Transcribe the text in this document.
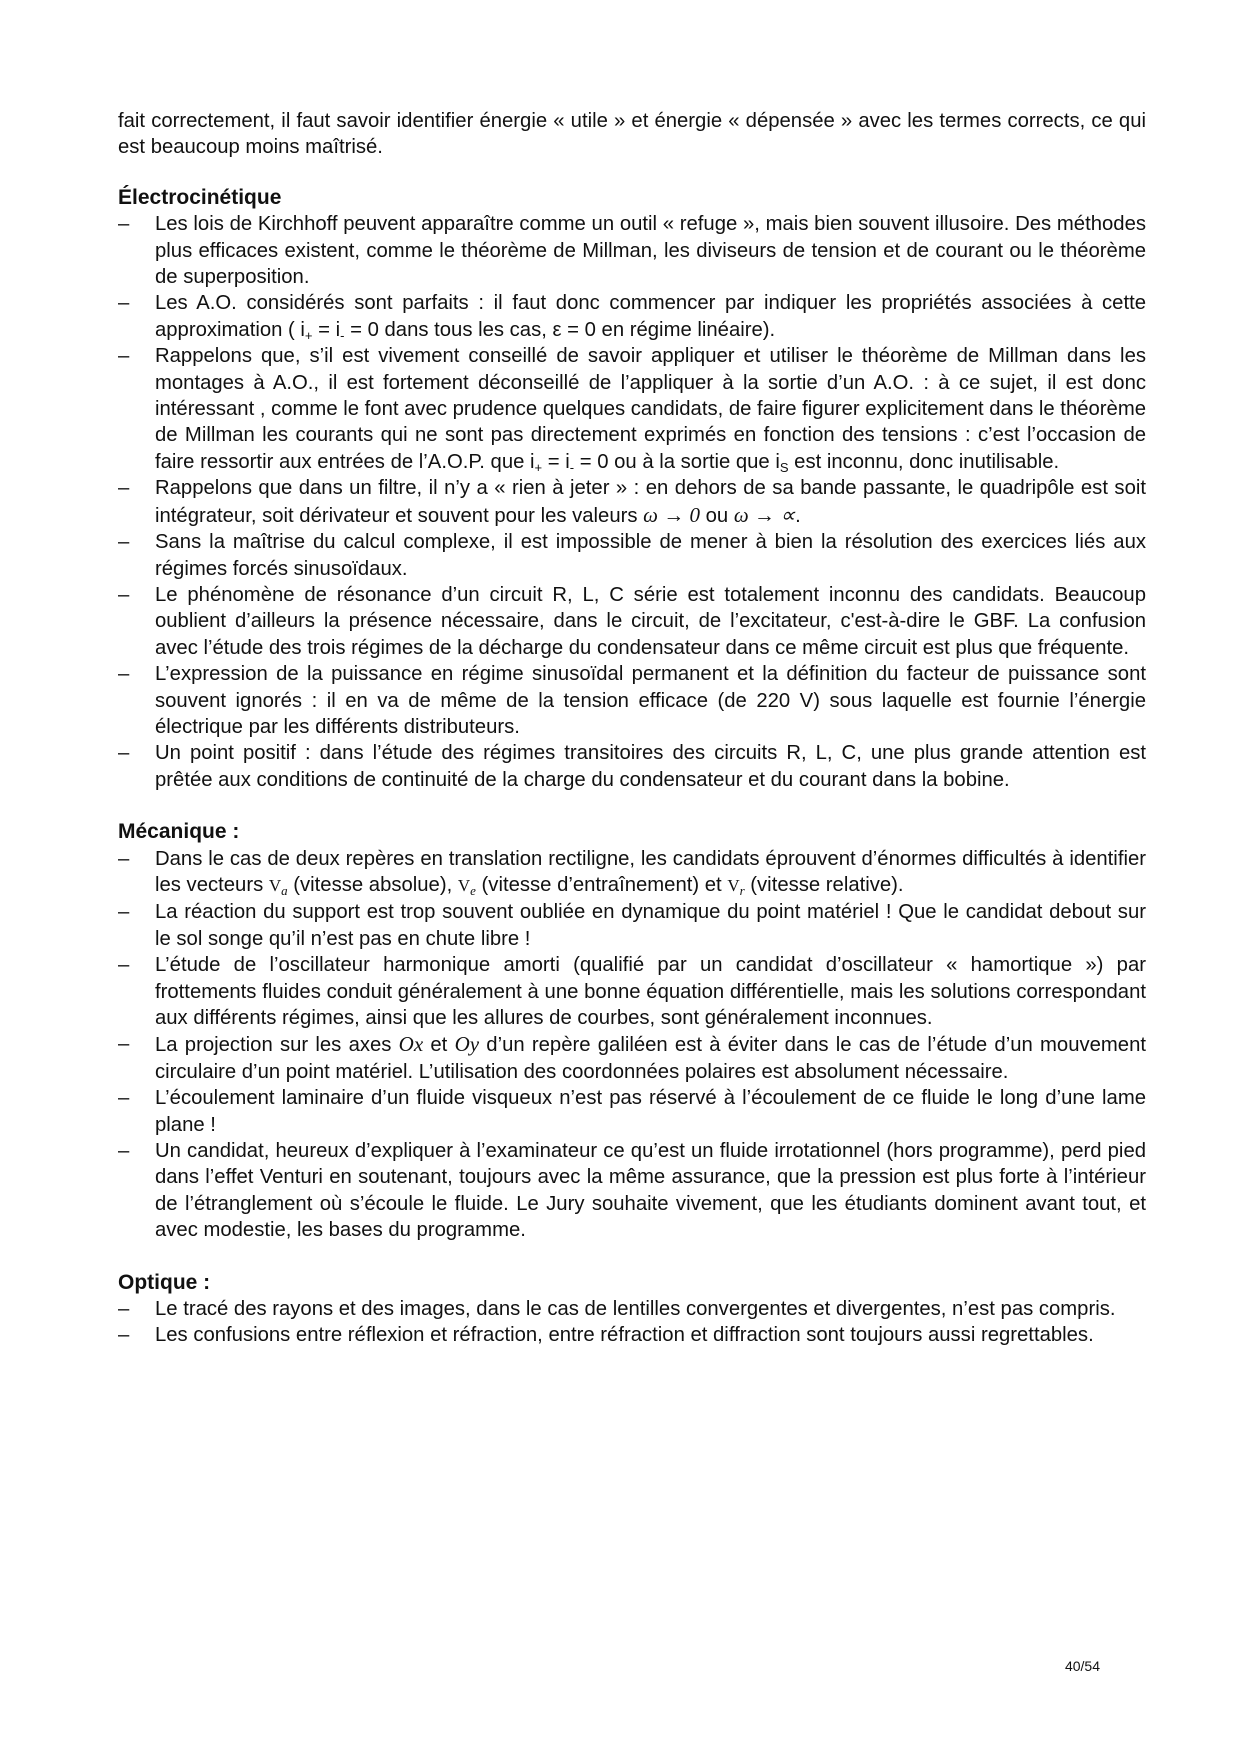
fait correctement, il faut savoir identifier énergie « utile » et énergie « dépensée » avec les termes corrects, ce qui est beaucoup moins maîtrisé.

Électrocinétique
– Les lois de Kirchhoff peuvent apparaître comme un outil « refuge », mais bien souvent illusoire. Des méthodes plus efficaces existent, comme le théorème de Millman, les diviseurs de tension et de courant ou le théorème de superposition.
– Les A.O. considérés sont parfaits : il faut donc commencer par indiquer les propriétés associées à cette approximation ( $i_+ = i_- = 0$ dans tous les cas, ε = 0 en régime linéaire).
– Rappelons que, s’il est vivement conseillé de savoir appliquer et utiliser le théorème de Millman dans les montages à A.O., il est fortement déconseillé de l’appliquer à la sortie d’un A.O. : à ce sujet, il est donc intéressant , comme le font avec prudence quelques candidats, de faire figurer explicitement dans le théorème de Millman les courants qui ne sont pas directement exprimés en fonction des tensions : c’est l’occasion de faire ressortir aux entrées de l’A.O.P. que $i_+ = i_- = 0$ ou à la sortie que $i_S$ est inconnu, donc inutilisable.
– Rappelons que dans un filtre, il n’y a « rien à jeter » : en dehors de sa bande passante, le quadripôle est soit intégrateur, soit dérivateur et souvent pour les valeurs ω → 0 ou ω → ∝.
– Sans la maîtrise du calcul complexe, il est impossible de mener à bien la résolution des exercices liés aux régimes forcés sinusoïdaux.
– Le phénomène de résonance d’un circuit R, L, C série est totalement inconnu des candidats. Beaucoup oublient d’ailleurs la présence nécessaire, dans le circuit, de l’excitateur, c'est-à-dire le GBF. La confusion avec l’étude des trois régimes de la décharge du condensateur dans ce même circuit est plus que fréquente.
– L’expression de la puissance en régime sinusoïdal permanent et la définition du facteur de puissance sont souvent ignorés : il en va de même de la tension efficace (de 220 V) sous laquelle est fournie l’énergie électrique par les différents distributeurs.
– Un point positif : dans l’étude des régimes transitoires des circuits R, L, C, une plus grande attention est prêtée aux conditions de continuité de la charge du condensateur et du courant dans la bobine.
Mécanique :
– Dans le cas de deux repères en translation rectiligne, les candidats éprouvent d’énormes difficultés à identifier les vecteurs Va (vitesse absolue), Ve (vitesse d’entraînement) et Vr (vitesse relative).
– La réaction du support est trop souvent oubliée en dynamique du point matériel ! Que le candidat debout sur le sol songe qu’il n’est pas en chute libre !
– L’étude de l’oscillateur harmonique amorti (qualifié par un candidat d’oscillateur « hamortique ») par frottements fluides conduit généralement à une bonne équation différentielle, mais les solutions correspondant aux différents régimes, ainsi que les allures de courbes, sont généralement inconnues.
– La projection sur les axes Ox et Oy d’un repère galiléen est à éviter dans le cas de l’étude d’un mouvement circulaire d’un point matériel. L’utilisation des coordonnées polaires est absolument nécessaire.
– L’écoulement laminaire d’un fluide visqueux n’est pas réservé à l’écoulement de ce fluide le long d’une lame plane !
– Un candidat, heureux d’expliquer à l’examinateur ce qu’est un fluide irrotationnel (hors programme), perd pied dans l’effet Venturi en soutenant, toujours avec la même assurance, que la pression est plus forte à l’intérieur de l’étranglement où s’écoule le fluide. Le Jury souhaite vivement, que les étudiants dominent avant tout, et avec modestie, les bases du programme.
Optique :
– Le tracé des rayons et des images, dans le cas de lentilles convergentes et divergentes, n’est pas compris.
– Les confusions entre réflexion et réfraction, entre réfraction et diffraction sont toujours aussi regrettables.
40/54
